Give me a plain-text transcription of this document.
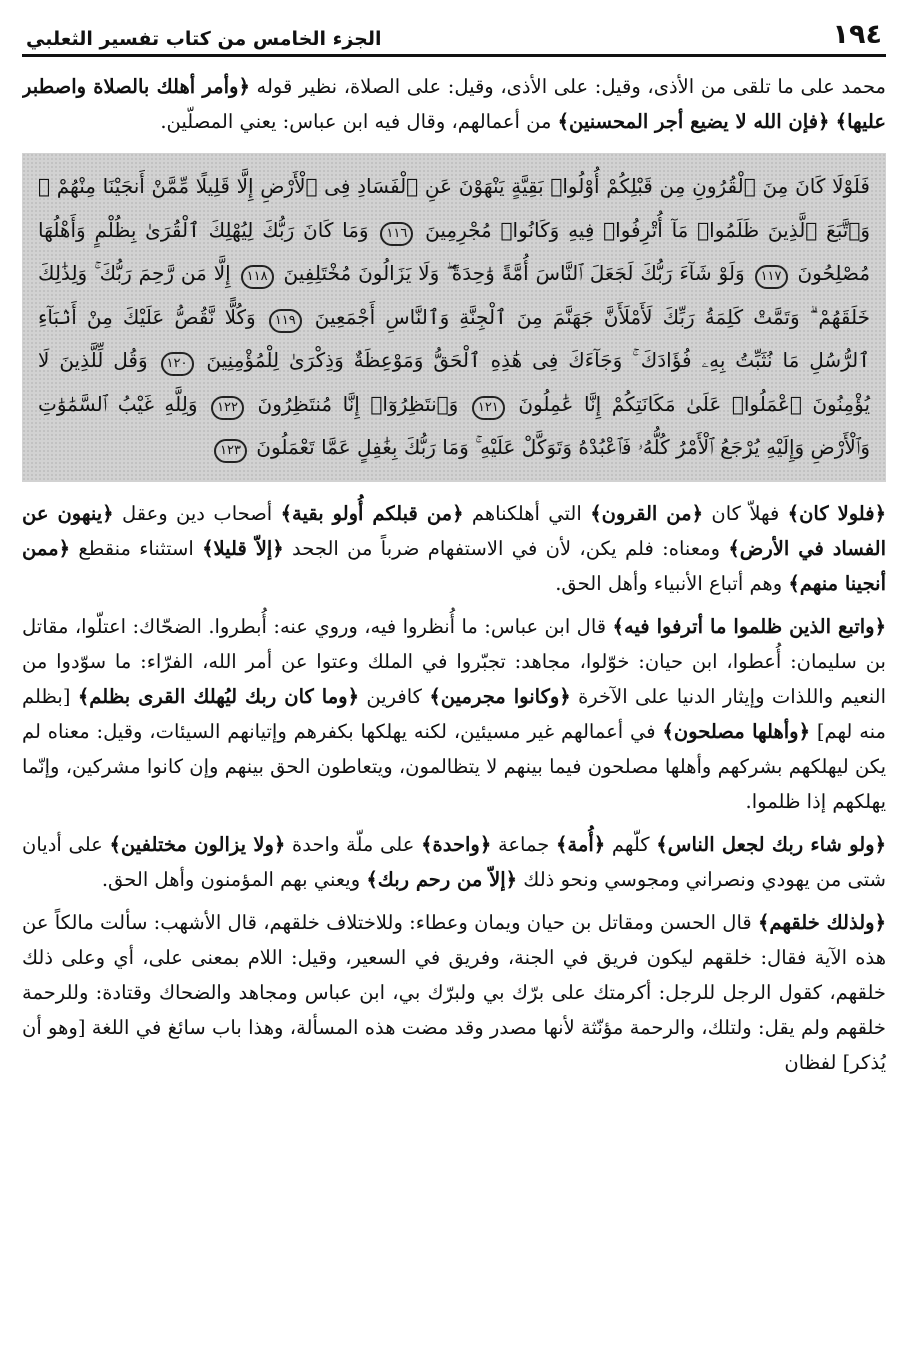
١٩٤
الجزء الخامس من كتاب تفسير الثعلبي

محمد على ما تلقى من الأذى، وقيل: على الأذى، وقيل: على الصلاة، نظير قوله ﴿وأمر أهلك بالصلاة واصطبر عليها﴾ ﴿فإن الله لا يضيع أجر المحسنين﴾ من أعمالهم، وقال فيه ابن عباس: يعني المصلّين.

فَلَوْلَا كَانَ مِنَ ٱلْقُرُونِ مِن قَبْلِكُمْ أُوْلُوا۟ بَقِيَّةٍ يَنْهَوْنَ عَنِ ٱلْفَسَادِ فِى ٱلْأَرْضِ إِلَّا قَلِيلًا مِّمَّنْ أَنجَيْنَا مِنْهُمْ ۗ وَٱتَّبَعَ ٱلَّذِينَ ظَلَمُوا۟ مَآ أُتْرِفُوا۟ فِيهِ وَكَانُوا۟ مُجْرِمِينَ ١١٦ وَمَا كَانَ رَبُّكَ لِيُهْلِكَ ٱلْقُرَىٰ بِظُلْمٍ وَأَهْلُهَا مُصْلِحُونَ ١١٧ وَلَوْ شَآءَ رَبُّكَ لَجَعَلَ ٱلنَّاسَ أُمَّةً وَٰحِدَةً ۖ وَلَا يَزَالُونَ مُخْتَلِفِينَ ١١٨ إِلَّا مَن رَّحِمَ رَبُّكَ ۚ وَلِذَٰلِكَ خَلَقَهُمْ ۗ وَتَمَّتْ كَلِمَةُ رَبِّكَ لَأَمْلَأَنَّ جَهَنَّمَ مِنَ ٱلْجِنَّةِ وَٱلنَّاسِ أَجْمَعِينَ ١١٩ وَكُلًّا نَّقُصُّ عَلَيْكَ مِنْ أَنۢبَآءِ ٱلرُّسُلِ مَا نُثَبِّتُ بِهِۦ فُؤَادَكَ ۚ وَجَآءَكَ فِى هَٰذِهِ ٱلْحَقُّ وَمَوْعِظَةٌ وَذِكْرَىٰ لِلْمُؤْمِنِينَ ١٢٠ وَقُل لِّلَّذِينَ لَا يُؤْمِنُونَ ٱعْمَلُوا۟ عَلَىٰ مَكَانَتِكُمْ إِنَّا عَٰمِلُونَ ١٢١ وَٱنتَظِرُوٓا۟ إِنَّا مُنتَظِرُونَ ١٢٢ وَلِلَّهِ غَيْبُ ٱلسَّمَٰوَٰتِ وَٱلْأَرْضِ وَإِلَيْهِ يُرْجَعُ ٱلْأَمْرُ كُلُّهُۥ فَٱعْبُدْهُ وَتَوَكَّلْ عَلَيْهِ ۚ وَمَا رَبُّكَ بِغَٰفِلٍ عَمَّا تَعْمَلُونَ ١٢٣

﴿فلولا كان﴾ فهلاّ كان ﴿من القرون﴾ التي أهلكناهم ﴿من قبلكم أُولو بقية﴾ أصحاب دين وعقل ﴿ينهون عن الفساد في الأرض﴾ ومعناه: فلم يكن، لأن في الاستفهام ضرباً من الجحد ﴿إلاّ قليلا﴾ استثناء منقطع ﴿ممن أنجينا منهم﴾ وهم أتباع الأنبياء وأهل الحق.

﴿واتبع الذين ظلموا ما أترفوا فيه﴾ قال ابن عباس: ما أُنظروا فيه، وروي عنه: أُبطروا. الضحّاك: اعتلّوا، مقاتل بن سليمان: أُعطوا، ابن حيان: خوّلوا، مجاهد: تجبّروا في الملك وعتوا عن أمر الله، الفرّاء: ما سوّدوا من النعيم واللذات وإيثار الدنيا على الآخرة ﴿وكانوا مجرمين﴾ كافرين ﴿وما كان ربك ليُهلك القرى بظلم﴾ [بظلم منه لهم] ﴿وأهلها مصلحون﴾ في أعمالهم غير مسيئين، لكنه يهلكها بكفرهم وإتيانهم السيئات، وقيل: معناه لم يكن ليهلكهم بشركهم وأهلها مصلحون فيما بينهم لا يتظالمون، ويتعاطون الحق بينهم وإن كانوا مشركين، وإنّما يهلكهم إذا ظلموا.

﴿ولو شاء ربك لجعل الناس﴾ كلّهم ﴿أُمة﴾ جماعة ﴿واحدة﴾ على ملّة واحدة ﴿ولا يزالون مختلفين﴾ على أديان شتى من يهودي ونصراني ومجوسي ونحو ذلك ﴿إلاّ من رحم ربك﴾ ويعني بهم المؤمنون وأهل الحق.

﴿ولذلك خلقهم﴾ قال الحسن ومقاتل بن حيان ويمان وعطاء: وللاختلاف خلقهم، قال الأشهب: سألت مالكاً عن هذه الآية فقال: خلقهم ليكون فريق في الجنة، وفريق في السعير، وقيل: اللام بمعنى على، أي وعلى ذلك خلقهم، كقول الرجل للرجل: أكرمتك على برّك بي ولبرّك بي، ابن عباس ومجاهد والضحاك وقتادة: وللرحمة خلقهم ولم يقل: ولتلك، والرحمة مؤنّثة لأنها مصدر وقد مضت هذه المسألة، وهذا باب سائغ في اللغة [وهو أن يُذكر] لفظان
